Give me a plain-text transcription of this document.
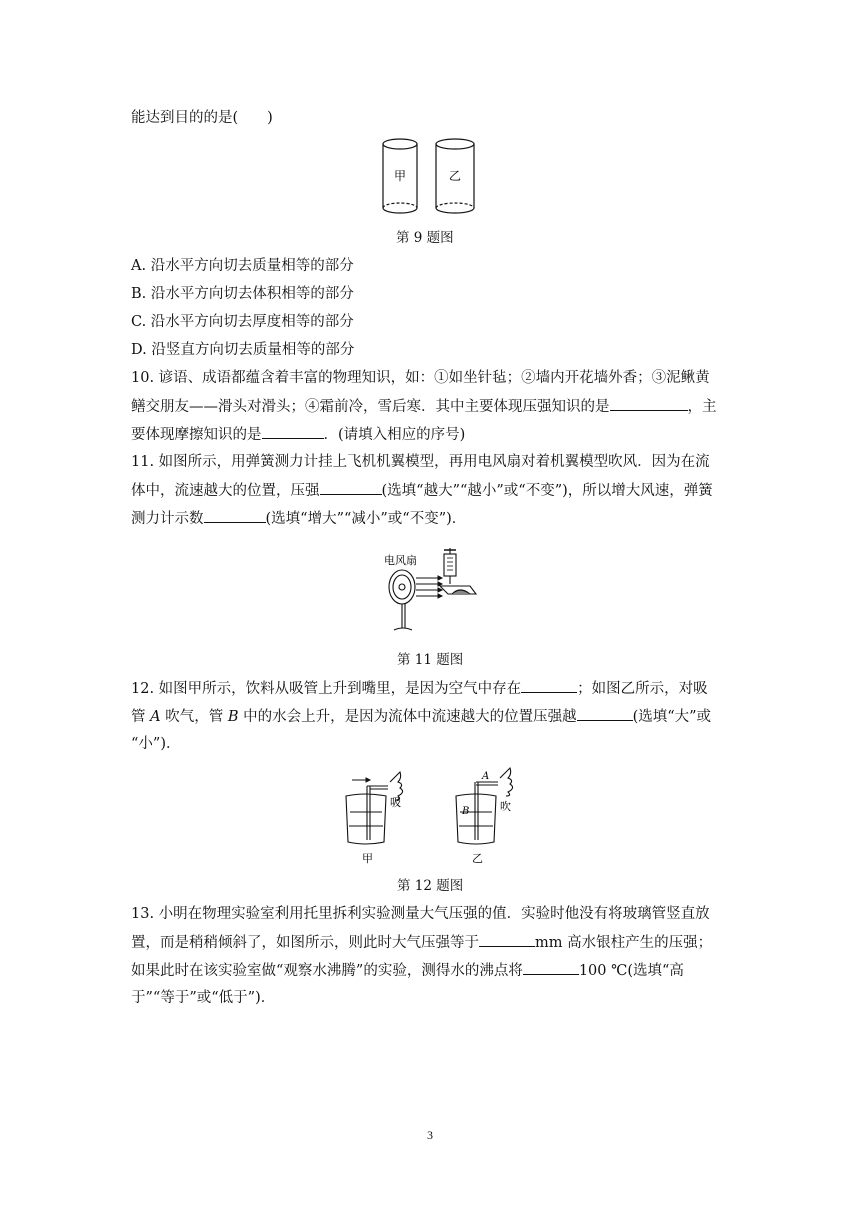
能达到目的的是(　　)
甲	乙
第 9 题图
A. 沿水平方向切去质量相等的部分
B. 沿水平方向切去体积相等的部分
C. 沿水平方向切去厚度相等的部分
D. 沿竖直方向切去质量相等的部分
10. 谚语、成语都蕴含着丰富的物理知识，如：①如坐针毡；②墙内开花墙外香；③泥鳅黄
鳝交朋友——滑头对滑头；④霜前冷，雪后寒．其中主要体现压强知识的是	，主
要体现摩擦知识的是	．(请填入相应的序号)
11. 如图所示，用弹簧测力计挂上飞机机翼模型，再用电风扇对着机翼模型吹风．因为在流
体中，流速越大的位置，压强	(选填“越大”“越小”或“不变”)，所以增大风速，弹簧
测力计示数	(选填“增大”“减小”或“不变”)．
电风扇
第 11 题图
12. 如图甲所示，饮料从吸管上升到嘴里，是因为空气中存在	；如图乙所示，对吸
管 A 吹气，管 B 中的水会上升，是因为流体中流速越大的位置压强越	(选填“大”或
“小”)．
吸	吹
A
B
甲	乙
第 12 题图
13. 小明在物理实验室利用托里拆利实验测量大气压强的值．实验时他没有将玻璃管竖直放
置，而是稍稍倾斜了，如图所示，则此时大气压强等于	mm 高水银柱产生的压强；
如果此时在该实验室做“观察水沸腾”的实验，测得水的沸点将	100 ℃(选填“高
于”“等于”或“低于”)．
3
